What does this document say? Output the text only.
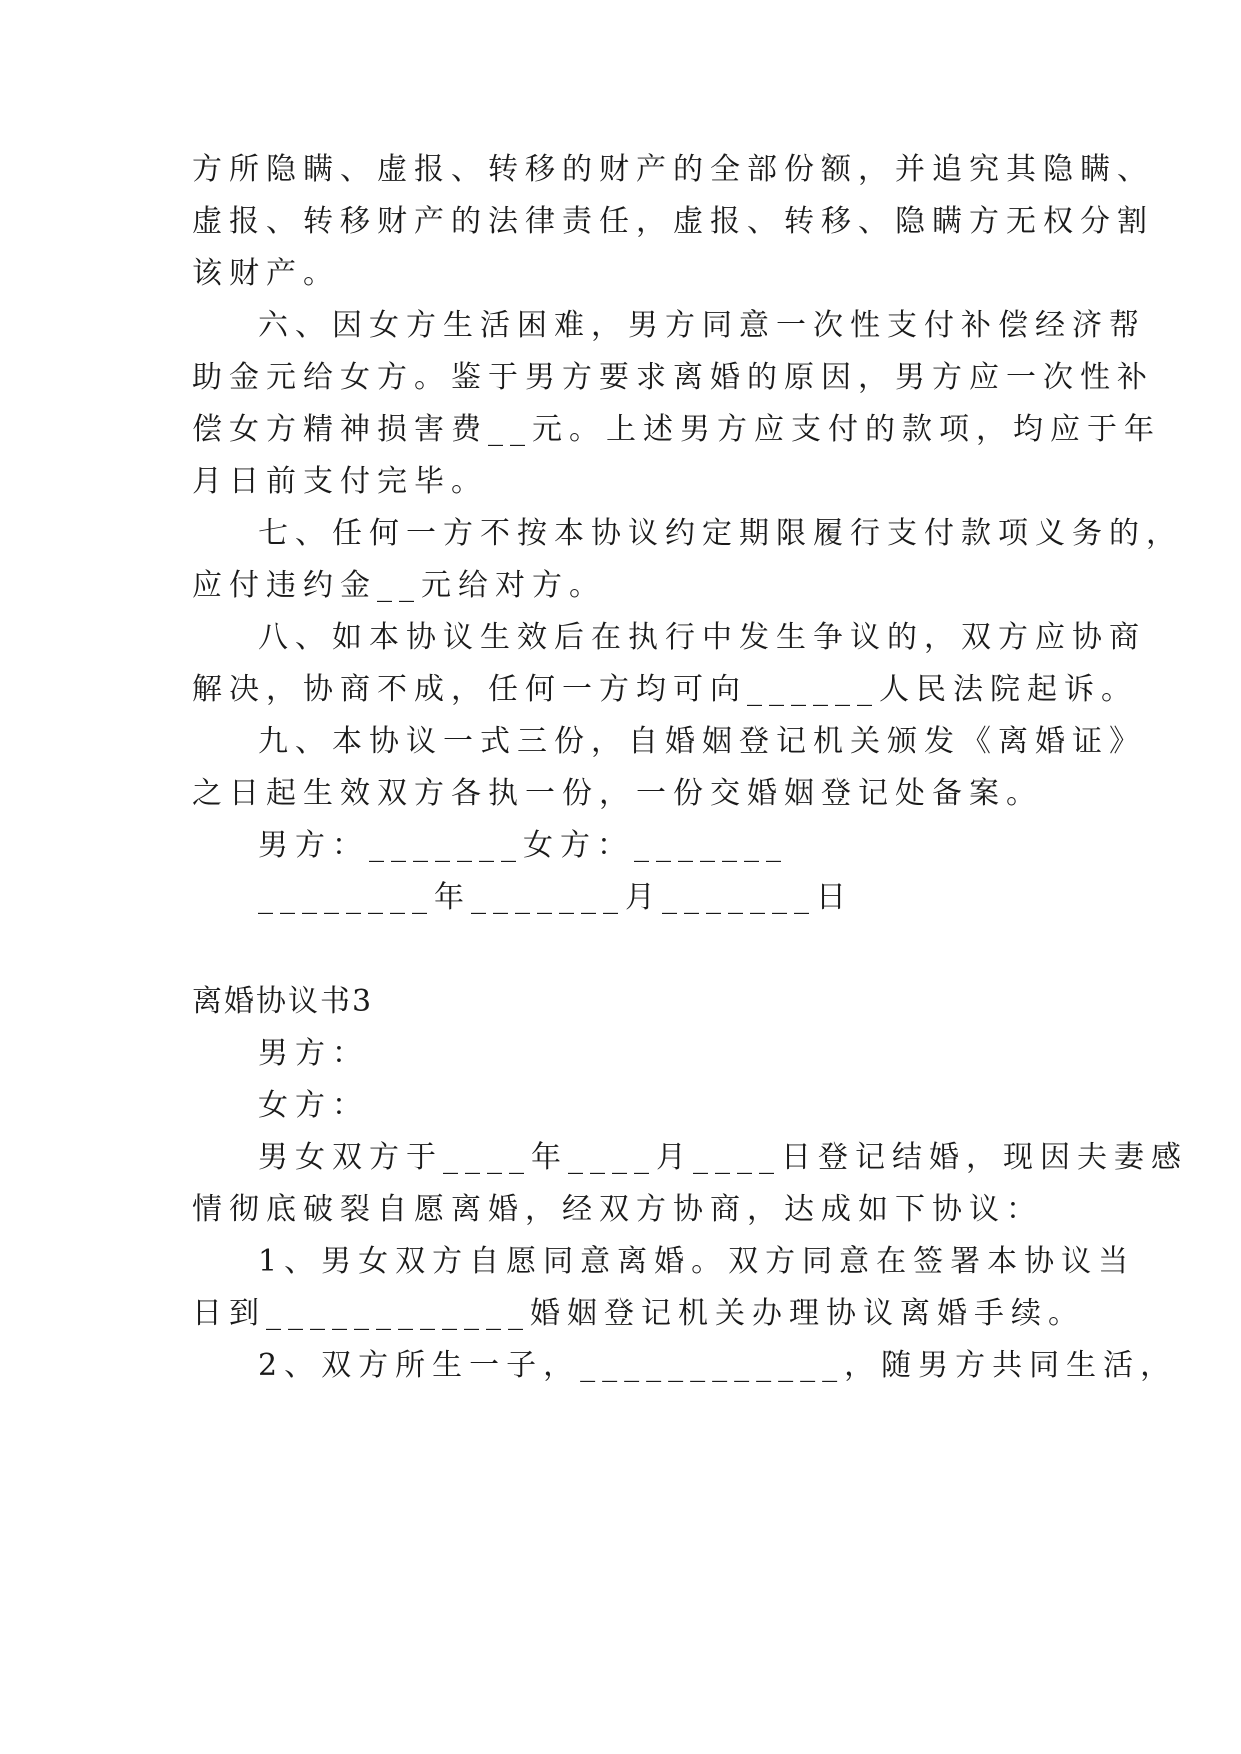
方所隐瞒、虚报、转移的财产的全部份额，并追究其隐瞒、
虚报、转移财产的法律责任，虚报、转移、隐瞒方无权分割
该财产。
六、因女方生活困难，男方同意一次性支付补偿经济帮
助金元给女方。鉴于男方要求离婚的原因，男方应一次性补
偿女方精神损害费__元。上述男方应支付的款项，均应于年
月日前支付完毕。
七、任何一方不按本协议约定期限履行支付款项义务的，
应付违约金__元给对方。
八、如本协议生效后在执行中发生争议的，双方应协商
解决，协商不成，任何一方均可向______人民法院起诉。
九、本协议一式三份，自婚姻登记机关颁发《离婚证》
之日起生效双方各执一份，一份交婚姻登记处备案。
男方：_______女方：_______
________年_______月_______日
离婚协议书3
男方：
女方：
男女双方于____年____月____日登记结婚，现因夫妻感
情彻底破裂自愿离婚，经双方协商，达成如下协议：
1、男女双方自愿同意离婚。双方同意在签署本协议当
日到____________婚姻登记机关办理协议离婚手续。
2、双方所生一子，____________，随男方共同生活，
